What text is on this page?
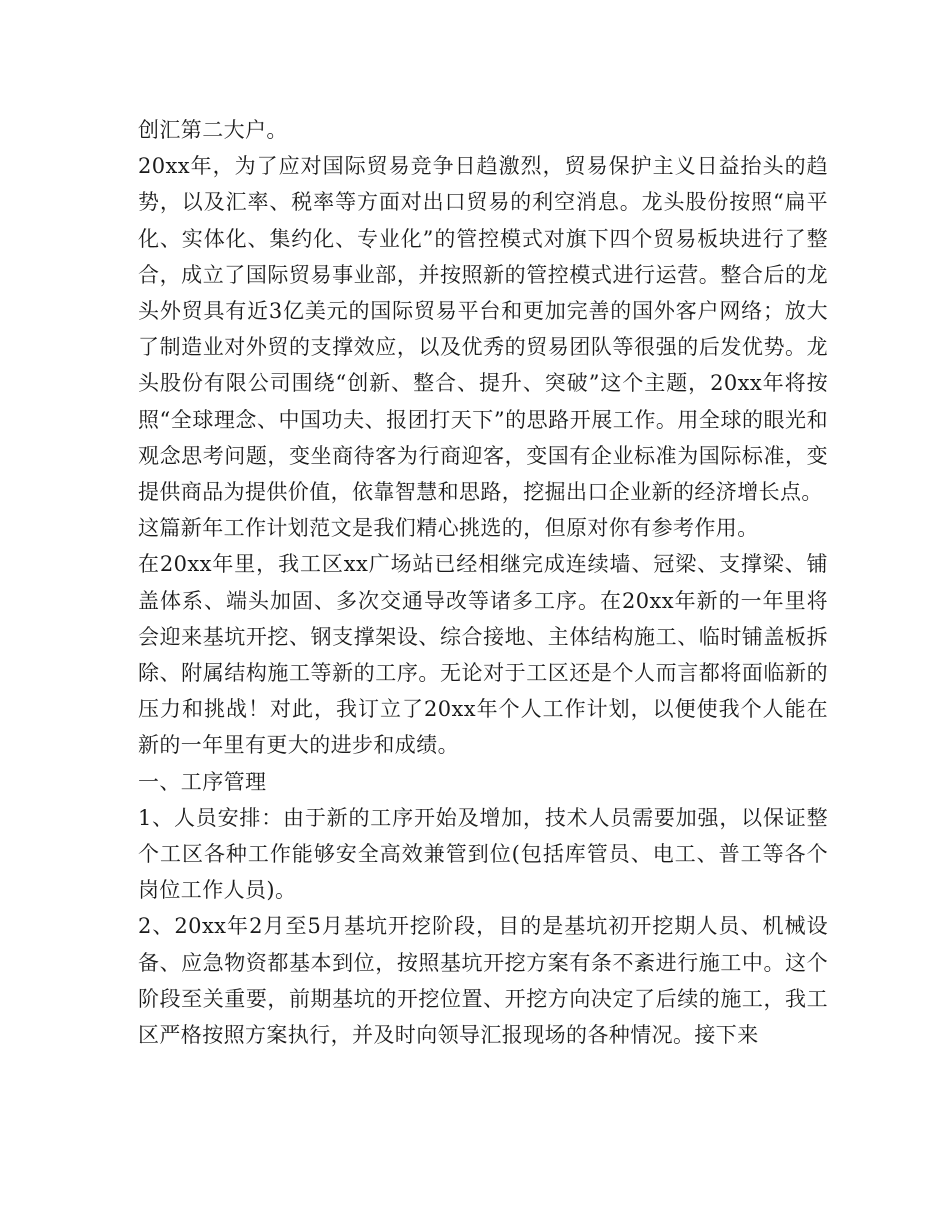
创汇第二大户。

20xx年，为了应对国际贸易竞争日趋激烈，贸易保护主义日益抬头的趋势，以及汇率、税率等方面对出口贸易的利空消息。龙头股份按照“扁平化、实体化、集约化、专业化”的管控模式对旗下四个贸易板块进行了整合，成立了国际贸易事业部，并按照新的管控模式进行运营。整合后的龙头外贸具有近3亿美元的国际贸易平台和更加完善的国外客户网络；放大了制造业对外贸的支撑效应，以及优秀的贸易团队等很强的后发优势。龙头股份有限公司围绕“创新、整合、提升、突破”这个主题，20xx年将按照“全球理念、中国功夫、报团打天下”的思路开展工作。用全球的眼光和观念思考问题，变坐商待客为行商迎客，变国有企业标准为国际标准，变提供商品为提供价值，依靠智慧和思路，挖掘出口企业新的经济增长点。

这篇新年工作计划范文是我们精心挑选的，但原对你有参考作用。

在20xx年里，我工区xx广场站已经相继完成连续墙、冠梁、支撑梁、铺盖体系、端头加固、多次交通导改等诸多工序。在20xx年新的一年里将会迎来基坑开挖、钢支撑架设、综合接地、主体结构施工、临时铺盖板拆除、附属结构施工等新的工序。无论对于工区还是个人而言都将面临新的压力和挑战！对此，我订立了20xx年个人工作计划，以便使我个人能在新的一年里有更大的进步和成绩。

一、工序管理

1、人员安排：由于新的工序开始及增加，技术人员需要加强，以保证整个工区各种工作能够安全高效兼管到位(包括库管员、电工、普工等各个岗位工作人员)。

2、20xx年2月至5月基坑开挖阶段，目的是基坑初开挖期人员、机械设备、应急物资都基本到位，按照基坑开挖方案有条不紊进行施工中。这个阶段至关重要，前期基坑的开挖位置、开挖方向决定了后续的施工，我工区严格按照方案执行，并及时向领导汇报现场的各种情况。接下来
